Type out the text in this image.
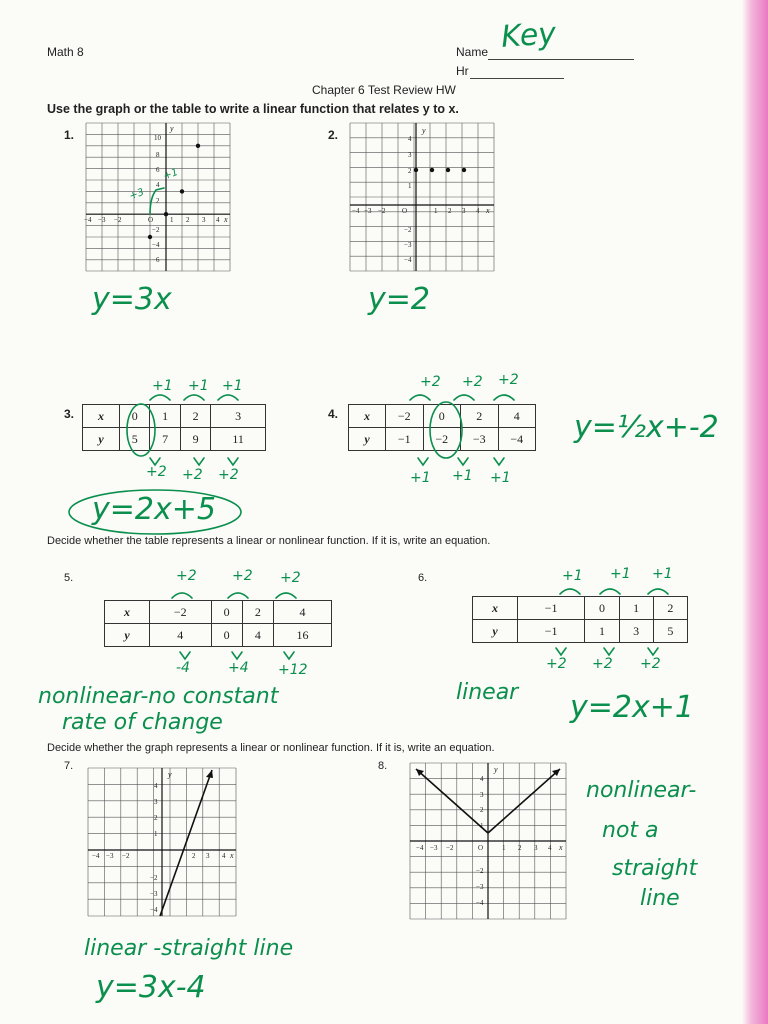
Math 8	Name Key
Hr
Chapter 6 Test Review HW
Use the graph or the table to write a linear function that relates y to x.
1.	2.
3.	4.
5.	6.
7.	8.
−4 −3 −2	O 1 2 3 4 x
y
10
8
6
4
2
−2
−4
−6
−4 −3 −2 O	1 2 3 4 x
y
4
3
2
1
−2
−3
−4
−4 −3 −2	2 3 4 x
y
4
3
2
1
−2
−3
−4
−4 −3 −2	O	1 2 3 4 x
y
4
3
2
1
−2
−3
−4
x	0	1	2	3
y	5	7	9	11
x	−2	0	2	4
y	−1	−2	−3	−4
Decide whether the table represents a linear or nonlinear function. If it is, write an equation.
x	−2	0	2	4
y	4	0	4	16
x	−1	0	1	2
y	−1	1	3	5
Decide whether the graph represents a linear or nonlinear function. If it is, write an equation.
+3
+1
y=3x	y=2
+1 +1 +1
+2 +2 +2
y=2x+5
+2 +2 +2
+1 +1 +1
y=½x+-2
+2	+2 +2
-4	+4 +12
nonlinear-no constant
rate of change
+1 +1 +1
+2 +2 +2
linear y=2x+1
linear -straight line
y=3x-4
nonlinear-
not a
straight
line
